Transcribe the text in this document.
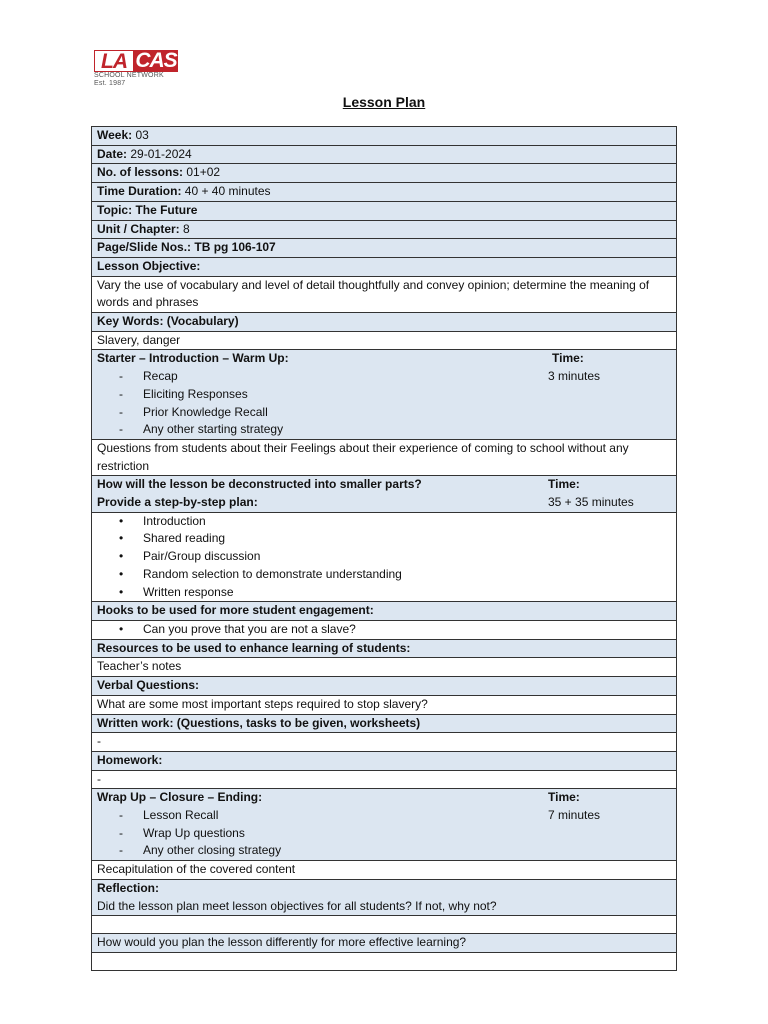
LA CAS
SCHOOL NETWORK
Est. 1987
Lesson Plan
Week: 03
Date: 29-01-2024
No. of lessons: 01+02
Time Duration: 40 + 40 minutes
Topic: The Future
Unit / Chapter: 8
Page/Slide Nos.: TB pg 106-107
Lesson Objective:
Vary the use of vocabulary and level of detail thoughtfully and convey opinion; determine the meaning of words and phrases
Key Words: (Vocabulary)
Slavery, danger

Starter – Introduction – Warm Up:
- Recap
- Eliciting Responses
- Prior Knowledge Recall
- Any other starting strategy
Time:
3 minutes

Questions from students about their Feelings about their experience of coming to school without any restriction

How will the lesson be deconstructed into smaller parts?
Provide a step-by-step plan:
Time:
35 + 35 minutes

• Introduction
• Shared reading
• Pair/Group discussion
• Random selection to demonstrate understanding
• Written response

Hooks to be used for more student engagement:

• Can you prove that you are not a slave?

Resources to be used to enhance learning of students:
Teacher’s notes
Verbal Questions:
What are some most important steps required to stop slavery?
Written work: (Questions, tasks to be given, worksheets)
-
Homework:
-

Wrap Up – Closure – Ending:
- Lesson Recall
- Wrap Up questions
- Any other closing strategy
Time:
7 minutes

Recapitulation of the covered content

Reflection:
Did the lesson plan meet lesson objectives for all students? If not, why not?

How would you plan the lesson differently for more effective learning?
